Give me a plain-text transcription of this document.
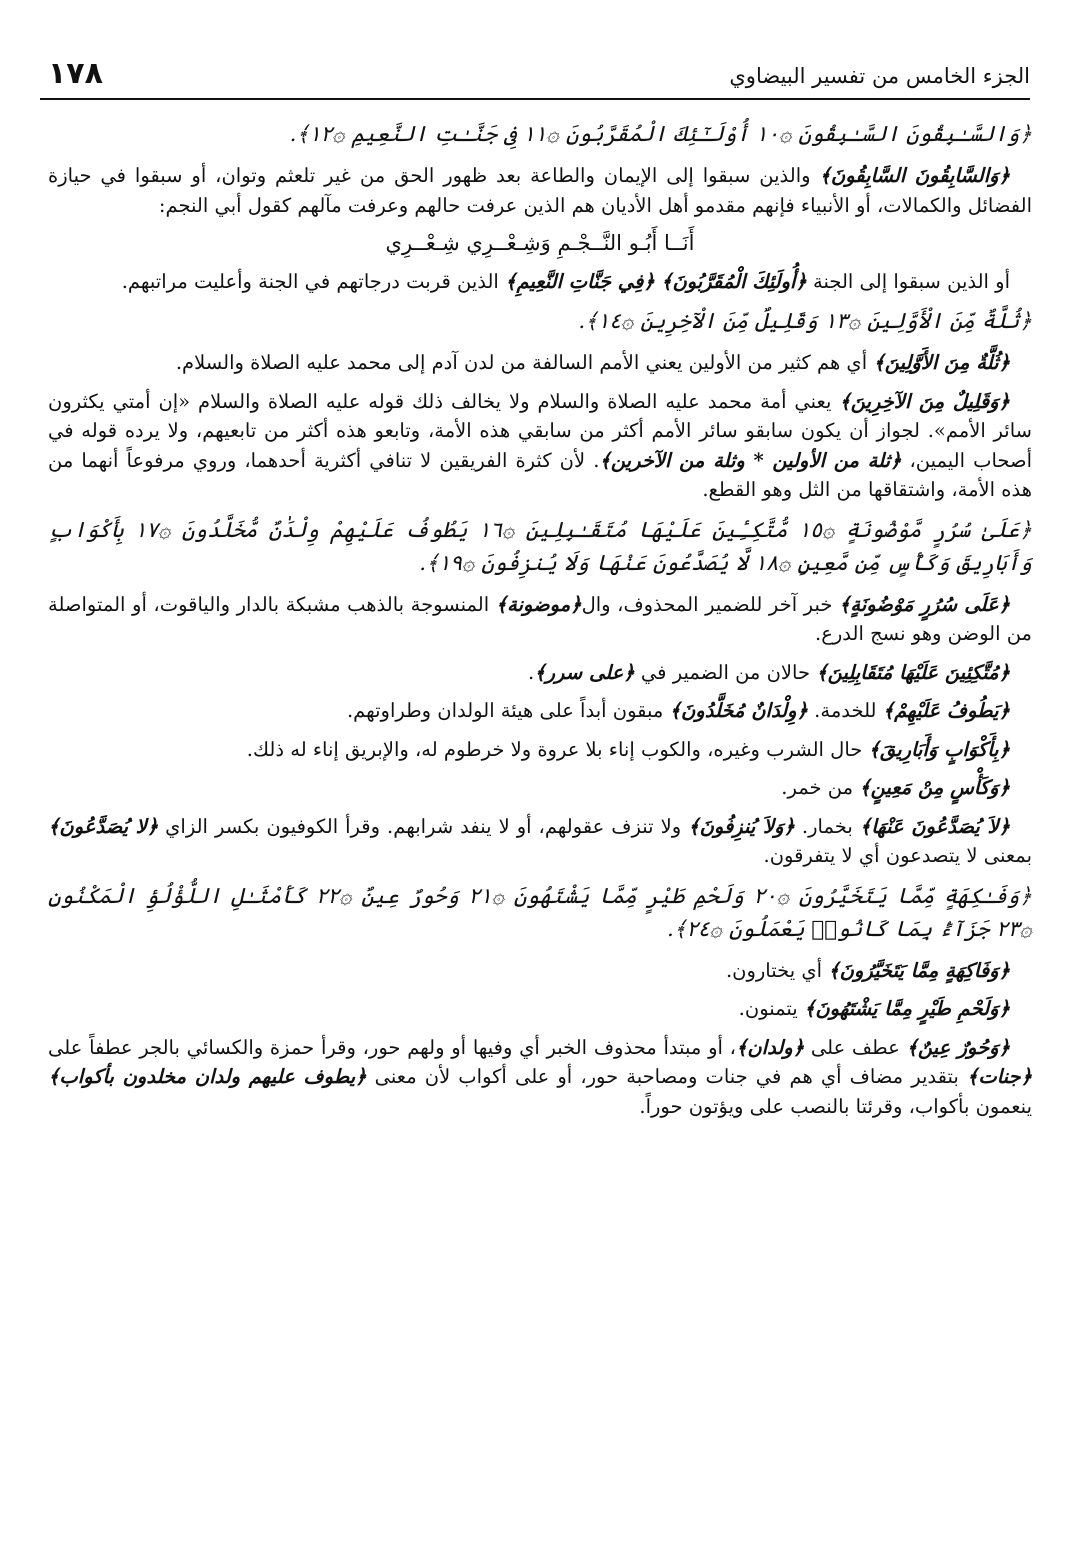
١٧٨	الجزء الخامس من تفسير البيضاوي

﴿وَالسَّـٰبِقُونَ السَّـٰبِقُونَ ۞١٠ أُوْلَـٰٓئِكَ الْمُقَرَّبُونَ ۞١١ فِى جَنَّـٰتِ النَّعِيمِ ۞١٢﴾.

﴿وَالسَّابِقُونَ السَّابِقُونَ﴾ والذين سبقوا إلى الإيمان والطاعة بعد ظهور الحق من غير تلعثم وتوان، أو سبقوا في حيازة الفضائل والكمالات، أو الأنبياء فإنهم مقدمو أهل الأديان هم الذين عرفت حالهم وعرفت مآلهم كقول أبي النجم:

أَنَــا أَبُـو النَّــجْـمِ وَشِـعْــرِي شِـعْــرِي

أو الذين سبقوا إلى الجنة ﴿أُولَئِكَ الْمُقَرَّبُونَ﴾ ﴿فِي جَنَّاتِ النَّعِيمِ﴾ الذين قربت درجاتهم في الجنة وأعليت مراتبهم.

﴿ثُلَّةٌ مِّنَ الْأَوَّلِينَ ۞١٣ وَقَلِيلٌ مِّنَ الْآخِرِينَ ۞١٤﴾.

﴿ثُلَّةٌ مِنَ الأَوَّلِينَ﴾ أي هم كثير من الأولين يعني الأمم السالفة من لدن آدم إلى محمد عليه الصلاة والسلام.

﴿وَقَلِيلٌ مِنَ الآخِرِينَ﴾ يعني أمة محمد عليه الصلاة والسلام ولا يخالف ذلك قوله عليه الصلاة والسلام «إن أمتي يكثرون سائر الأمم». لجواز أن يكون سابقو سائر الأمم أكثر من سابقي هذه الأمة، وتابعو هذه أكثر من تابعيهم، ولا يرده قوله في أصحاب اليمين، ﴿ثلة من الأولين * وثلة من الآخرين﴾. لأن كثرة الفريقين لا تنافي أكثرية أحدهما، وروي مرفوعاً أنهما من هذه الأمة، واشتقاقها من الثل وهو القطع.

﴿عَلَىٰ سُرُرٍ مَّوْضُونَةٍ ۞١٥ مُّتَّكِـِٔينَ عَلَيْهَا مُتَقَـٰبِلِينَ ۞١٦ يَطُوفُ عَلَيْهِمْ وِلْدَٰنٌ مُّخَلَّدُونَ ۞١٧ بِأَكْوَابٍ وَأَبَارِيقَ وَكَأْسٍ مِّن مَّعِينٍ ۞١٨ لَّا يُصَدَّعُونَ عَنْهَا وَلَا يُنزِفُونَ ۞١٩﴾.

﴿عَلَى سُرُرٍ مَوْضُونَةٍ﴾ خبر آخر للضمير المحذوف، وال﴿موضونة﴾ المنسوجة بالذهب مشبكة بالدار والياقوت، أو المتواصلة من الوضن وهو نسج الدرع.

﴿مُتَّكِئِينَ عَلَيْهَا مُتَقَابِلِينَ﴾ حالان من الضمير في ﴿على سرر﴾.

﴿يَطُوفُ عَلَيْهِمْ﴾ للخدمة. ﴿وِلْدَانٌ مُخَلَّدُونَ﴾ مبقون أبداً على هيئة الولدان وطراوتهم.

﴿بِأَكْوَابٍ وَأَبَارِيقَ﴾ حال الشرب وغيره، والكوب إناء بلا عروة ولا خرطوم له، والإبريق إناء له ذلك.

﴿وَكَأْسٍ مِنْ مَعِينٍ﴾ من خمر.

﴿لاَ يُصَدَّعُونَ عَنْهَا﴾ بخمار. ﴿وَلاَ يُنزِفُونَ﴾ ولا تنزف عقولهم، أو لا ينفد شرابهم. وقرأ الكوفيون بكسر الزاي ﴿لا يُصَدَّعُونَ﴾ بمعنى لا يتصدعون أي لا يتفرقون.

﴿وَفَـٰكِهَةٍ مِّمَّا يَتَخَيَّرُونَ ۞٢٠ وَلَحْمِ طَيْرٍ مِّمَّا يَشْتَهُونَ ۞٢١ وَحُورٌ عِينٌ ۞٢٢ كَأَمْثَـٰلِ اللُّؤْلُؤِ الْمَكْنُونِ ۞٢٣ جَزَآءًۢ بِمَا كَانُوا۟ يَعْمَلُونَ ۞٢٤﴾.

﴿وَفَاكِهَةٍ مِمَّا يَتَخَيَّرُونَ﴾ أي يختارون.

﴿وَلَحْمِ طَيْرٍ مِمَّا يَشْتَهُونَ﴾ يتمنون.

﴿وَحُورٌ عِينٌ﴾ عطف على ﴿ولدان﴾، أو مبتدأ محذوف الخبر أي وفيها أو ولهم حور، وقرأ حمزة والكسائي بالجر عطفاً على ﴿جنات﴾ بتقدير مضاف أي هم في جنات ومصاحبة حور، أو على أكواب لأن معنى ﴿يطوف عليهم ولدان مخلدون بأكواب﴾ ينعمون بأكواب، وقرئتا بالنصب على ويؤتون حوراً.
